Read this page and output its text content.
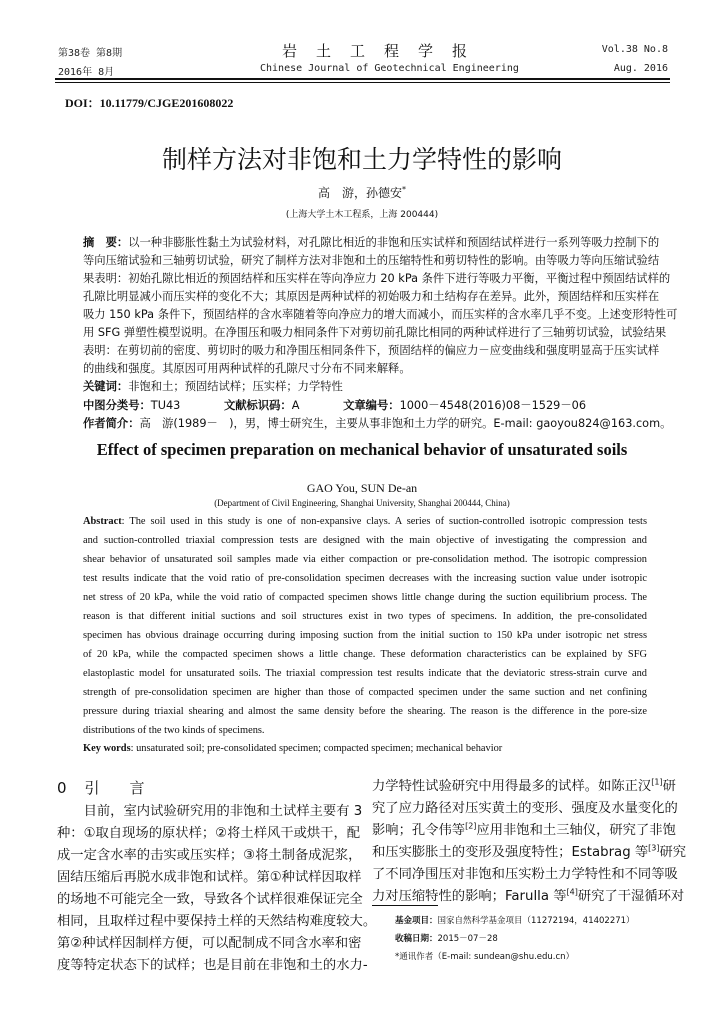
第38卷 第8期
2016年 8月
岩　土　工　程　学　报
Chinese Journal of Geotechnical Engineering
Vol.38 No.8
Aug. 2016
DOI：10.11779/CJGE201608022
制样方法对非饱和土力学特性的影响
高　游，孙德安*
(上海大学土木工程系，上海 200444)
摘　要：以一种非膨胀性黏土为试验材料，对孔隙比相近的非饱和压实试样和预固结试样进行一系列等吸力控制下的
等向压缩试验和三轴剪切试验，研究了制样方法对非饱和土的压缩特性和剪切特性的影响。由等吸力等向压缩试验结
果表明：初始孔隙比相近的预固结样和压实样在等向净应力 20 kPa 条件下进行等吸力平衡，平衡过程中预固结试样的
孔隙比明显减小而压实样的变化不大；其原因是两种试样的初始吸力和土结构存在差异。此外，预固结样和压实样在
吸力 150 kPa 条件下，预固结样的含水率随着等向净应力的增大而减小，而压实样的含水率几乎不变。上述变形特性可
用 SFG 弹塑性模型说明。在净围压和吸力相同条件下对剪切前孔隙比相同的两种试样进行了三轴剪切试验，试验结果
表明：在剪切前的密度、剪切时的吸力和净围压相同条件下，预固结样的偏应力－应变曲线和强度明显高于压实试样
的曲线和强度。其原因可用两种试样的孔隙尺寸分布不同来解释。
关键词：非饱和土；预固结试样；压实样；力学特性
中图分类号：TU43	文献标识码：A	文章编号：1000－4548(2016)08－1529－06
作者简介：高　游(1989－　)，男，博士研究生，主要从事非饱和土力学的研究。E-mail: gaoyou824@163.com。
Effect of specimen preparation on mechanical behavior of unsaturated soils
GAO You, SUN De-an
(Department of Civil Engineering, Shanghai University, Shanghai 200444, China)
Abstract: The soil used in this study is one of non-expansive clays. A series of suction-controlled isotropic compression tests
and suction-controlled triaxial compression tests are designed with the main objective of investigating the compression and
shear behavior of unsaturated soil samples made via either compaction or pre-consolidation method. The isotropic compression
test results indicate that the void ratio of pre-consolidation specimen decreases with the increasing suction value under isotropic
net stress of 20 kPa, while the void ratio of compacted specimen shows little change during the suction equilibrium process. The
reason is that different initial suctions and soil structures exist in two types of specimens. In addition, the pre-consolidated
specimen has obvious drainage occurring during imposing suction from the initial suction to 150 kPa under isotropic net stress
of 20 kPa, while the compacted specimen shows a little change. These deformation characteristics can be explained by SFG
elastoplastic model for unsaturated soils. The triaxial compression test results indicate that the deviatoric stress-strain curve and
strength of pre-consolidation specimen are higher than those of compacted specimen under the same suction and net confining
pressure during triaxial shearing and almost the same density before the shearing. The reason is the difference in the pore-size
distributions of the two kinds of specimens.
Key words: unsaturated soil; pre-consolidated specimen; compacted specimen; mechanical behavior
0 引　　言
　　目前，室内试验研究用的非饱和土试样主要有 3
种：①取自现场的原状样；②将土样风干或烘干，配
成一定含水率的击实或压实样；③将土制备成泥浆，
固结压缩后再脱水成非饱和试样。第①种试样因取样
的场地不可能完全一致，导致各个试样很难保证完全
相同，且取样过程中要保持土样的天然结构难度较大。
第②种试样因制样方便，可以配制成不同含水率和密
度等特定状态下的试样；也是目前在非饱和土的水力-
力学特性试验研究中用得最多的试样。如陈正汉[1]研
究了应力路径对压实黄土的变形、强度及水量变化的
影响；孔令伟等[2]应用非饱和土三轴仪，研究了非饱
和压实膨胀土的变形及强度特性；Estabrag 等[3]研究
了不同净围压对非饱和压实粉土力学特性和不同等吸
力对压缩特性的影响；Farulla 等[4]研究了干湿循环对
基金项目：国家自然科学基金项目（11272194，41402271）
收稿日期：2015－07－28
*通讯作者（E-mail: sundean@shu.edu.cn）
